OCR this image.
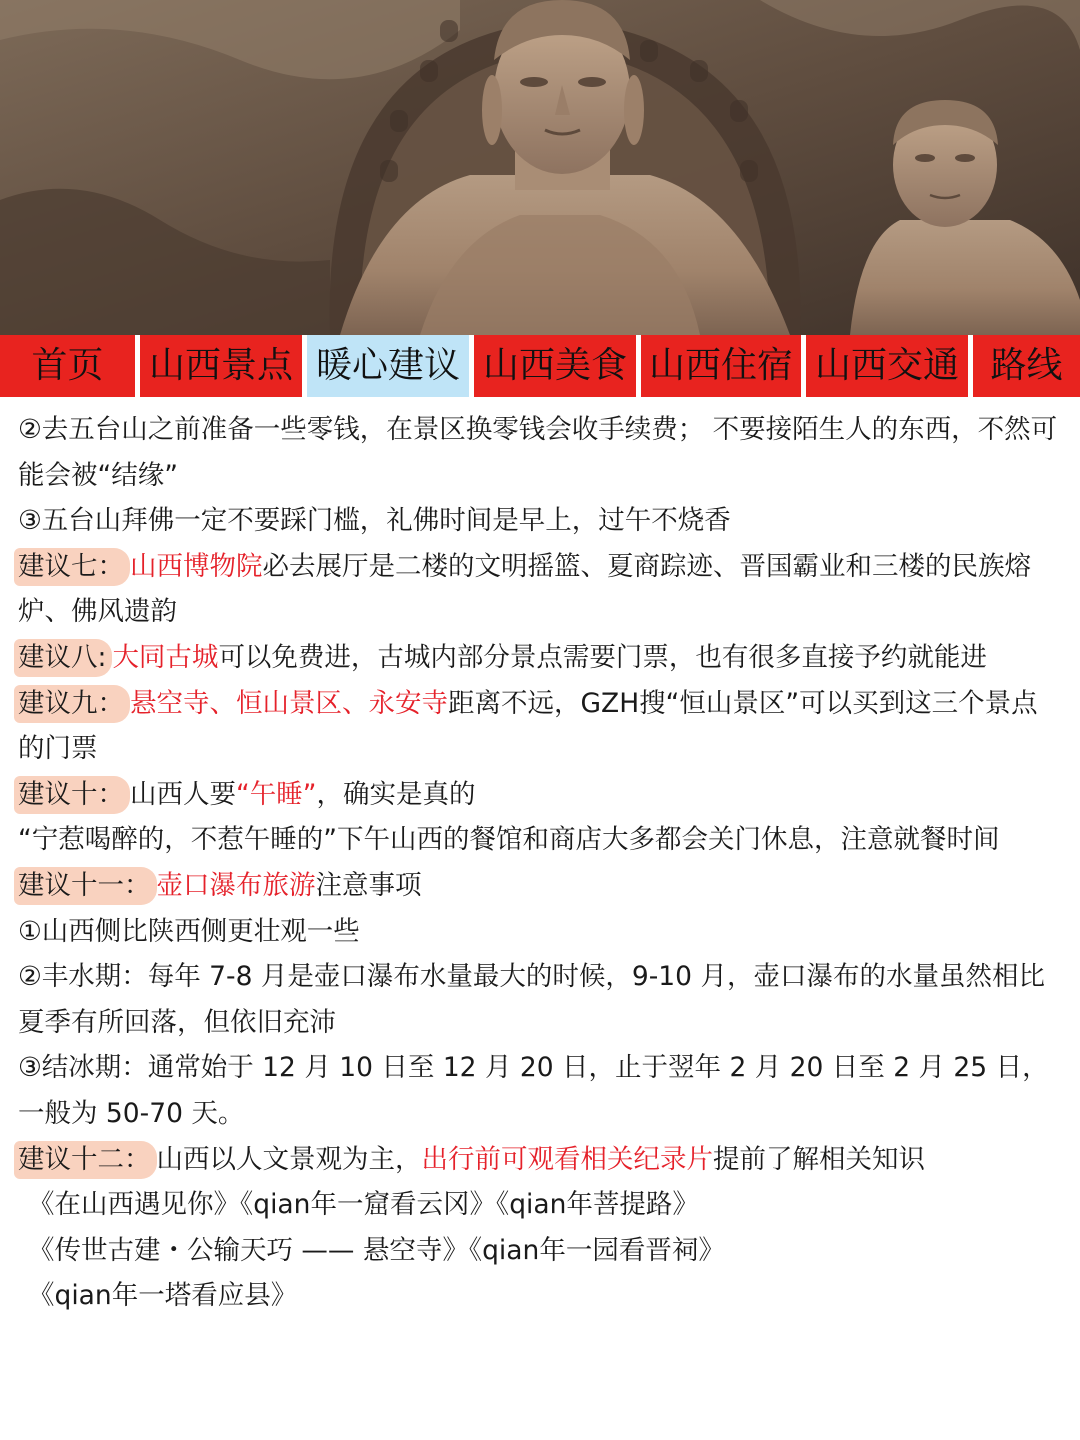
首页	山西景点 暖心建议 山西美食 山西住宿 山西交通 路线

②去五台山之前准备一些零钱，在景区换零钱会收手续费； 不要接陌生人的东西，不然可能会被“结缘”

③五台山拜佛一定不要踩门槛，礼佛时间是早上，过午不烧香

建议七： 山西博物院必去展厅是二楼的文明摇篮、夏商踪迹、晋国霸业和三楼的民族熔炉、佛风遗韵

建议八: 大同古城可以免费进，古城内部分景点需要门票，也有很多直接予约就能进

建议九： 悬空寺、恒山景区、永安寺距离不远，GZH搜“恒山景区”可以买到这三个景点的门票

建议十： 山西人要“午睡”，确实是真的

“宁惹喝醉的，不惹午睡的”下午山西的餐馆和商店大多都会关门休息，注意就餐时间

建议十一： 壶口瀑布旅游注意事项

①山西侧比陕西侧更壮观一些

②丰水期：每年 7-8 月是壶口瀑布水量最大的时候，9-10 月，壶口瀑布的水量虽然相比夏季有所回落，但依旧充沛

③结冰期：通常始于 12 月 10 日至 12 月 20 日，止于翌年 2 月 20 日至 2 月 25 日，一般为 50-70 天。

建议十二： 山西以人文景观为主，出行前可观看相关纪录片提前了解相关知识

《在山西遇见你》《qian年一窟看云冈》《qian年菩提路》

《传世古建・公输天巧 —— 悬空寺》《qian年一园看晋祠》

《qian年一塔看应县》
